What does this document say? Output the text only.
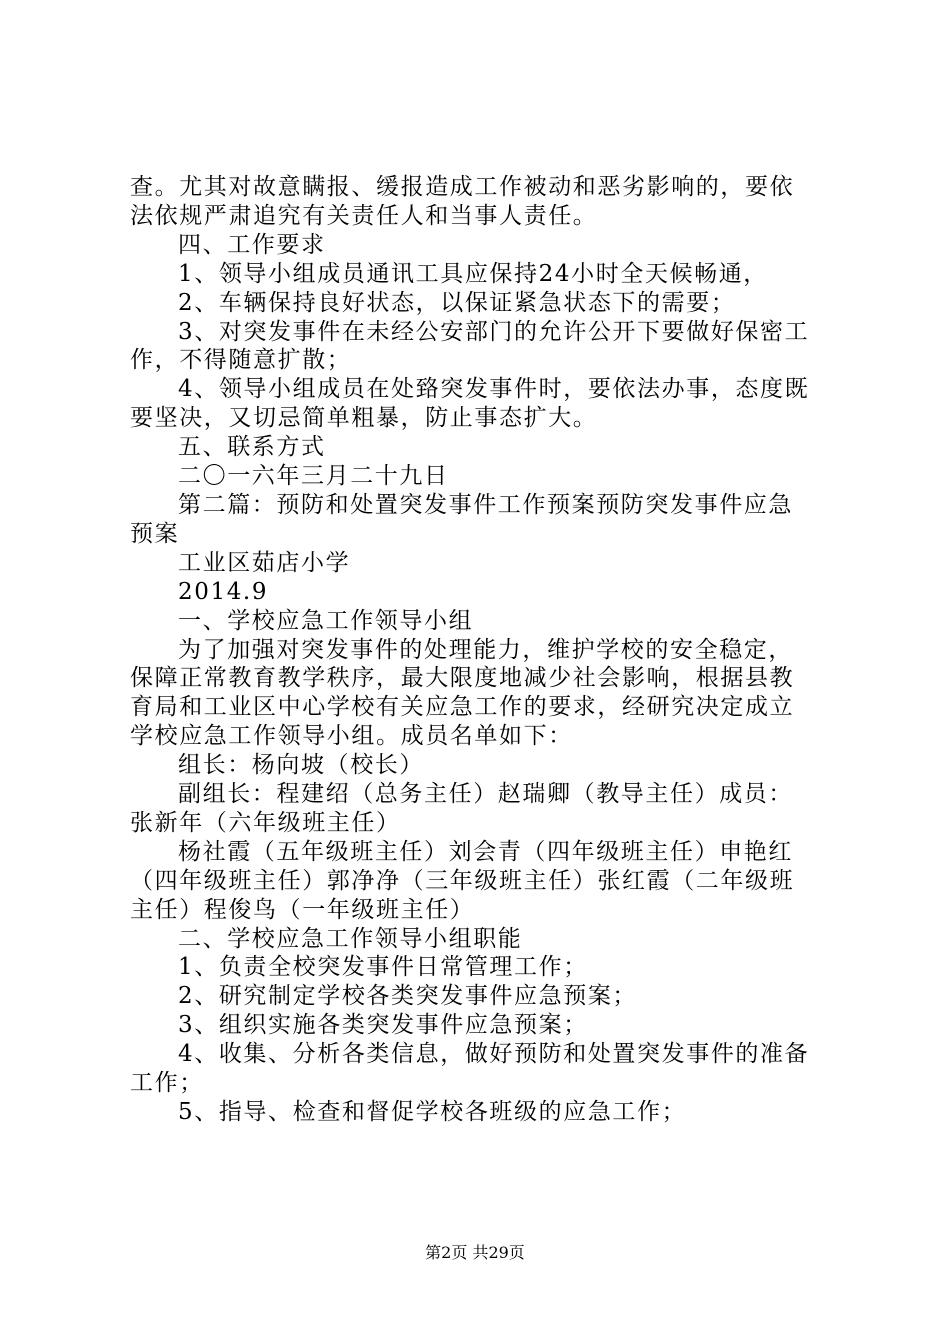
查。尤其对故意瞒报、缓报造成工作被动和恶劣影响的，要依

法依规严肃追究有关责任人和当事人责任。

四、工作要求

1、领导小组成员通讯工具应保持24小时全天候畅通，

2、车辆保持良好状态，以保证紧急状态下的需要；

3、对突发事件在未经公安部门的允许公开下要做好保密工

作，不得随意扩散；

4、领导小组成员在处臵突发事件时，要依法办事，态度既

要坚决，又切忌简单粗暴，防止事态扩大。

五、联系方式

二〇一六年三月二十九日

第二篇：预防和处置突发事件工作预案预防突发事件应急

预案

工业区茹店小学

2014.9

一、学校应急工作领导小组

为了加强对突发事件的处理能力，维护学校的安全稳定，

保障正常教育教学秩序，最大限度地减少社会影响，根据县教

育局和工业区中心学校有关应急工作的要求，经研究决定成立

学校应急工作领导小组。成员名单如下：

组长：杨向坡（校长）

副组长：程建绍（总务主任）赵瑞卿（教导主任）成员：

张新年（六年级班主任）

杨社霞（五年级班主任）刘会青（四年级班主任）申艳红

（四年级班主任）郭净净（三年级班主任）张红霞（二年级班

主任）程俊鸟（一年级班主任）

二、学校应急工作领导小组职能

1、负责全校突发事件日常管理工作；

2、研究制定学校各类突发事件应急预案；

3、组织实施各类突发事件应急预案；

4、收集、分析各类信息，做好预防和处置突发事件的准备

工作；

5、指导、检查和督促学校各班级的应急工作；

第2页 共29页
